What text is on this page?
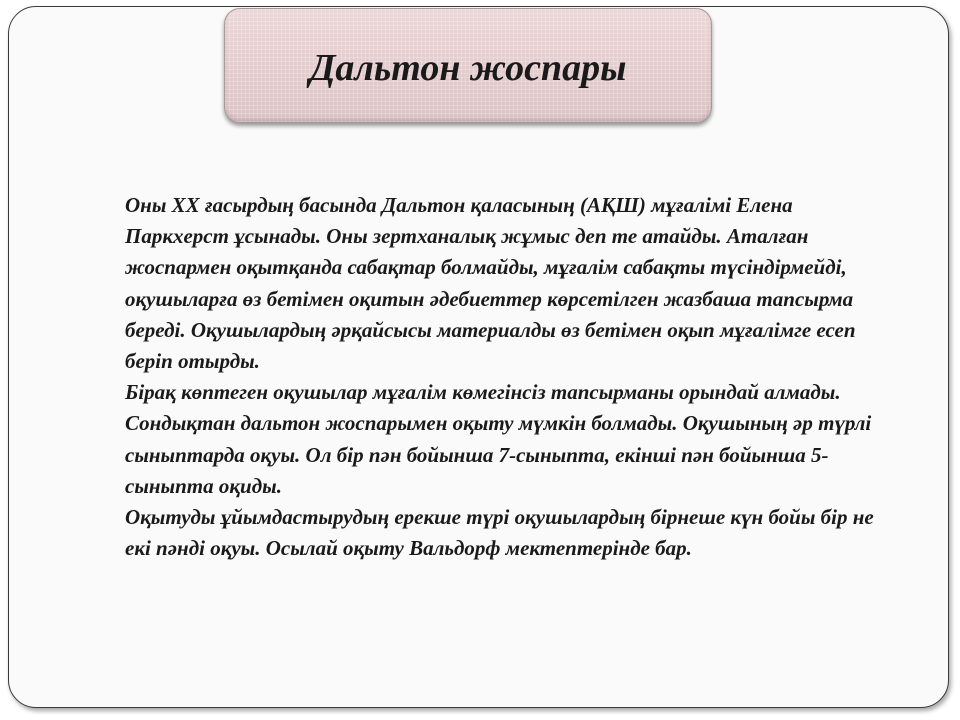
Дальтон жоспары

Оны ХХ ғасырдың басында Дальтон қаласының (АҚШ) мұғалімі Елена Паркхерст ұсынады. Оны зертханалық жұмыс деп те атайды. Аталған жоспармен оқытқанда сабақтар болмайды, мұғалім сабақты түсіндірмейді, оқушыларға өз бетімен оқитын әдебиеттер көрсетілген жазбаша тапсырма береді. Оқушылардың әрқайсысы материалды өз бетімен оқып мұғалімге есеп беріп отырды.

Бірақ көптеген оқушылар мұғалім көмегінсіз тапсырманы орындай алмады. Сондықтан дальтон жоспарымен оқыту мүмкін болмады. Оқушының әр түрлі сыныптарда оқуы. Ол бір пән бойынша 7-сыныпта, екінші пән бойынша 5-сыныпта оқиды.

Оқытуды ұйымдастырудың ерекше түрі оқушылардың бірнеше күн бойы бір не екі пәнді оқуы. Осылай оқыту Вальдорф мектептерінде бар.
